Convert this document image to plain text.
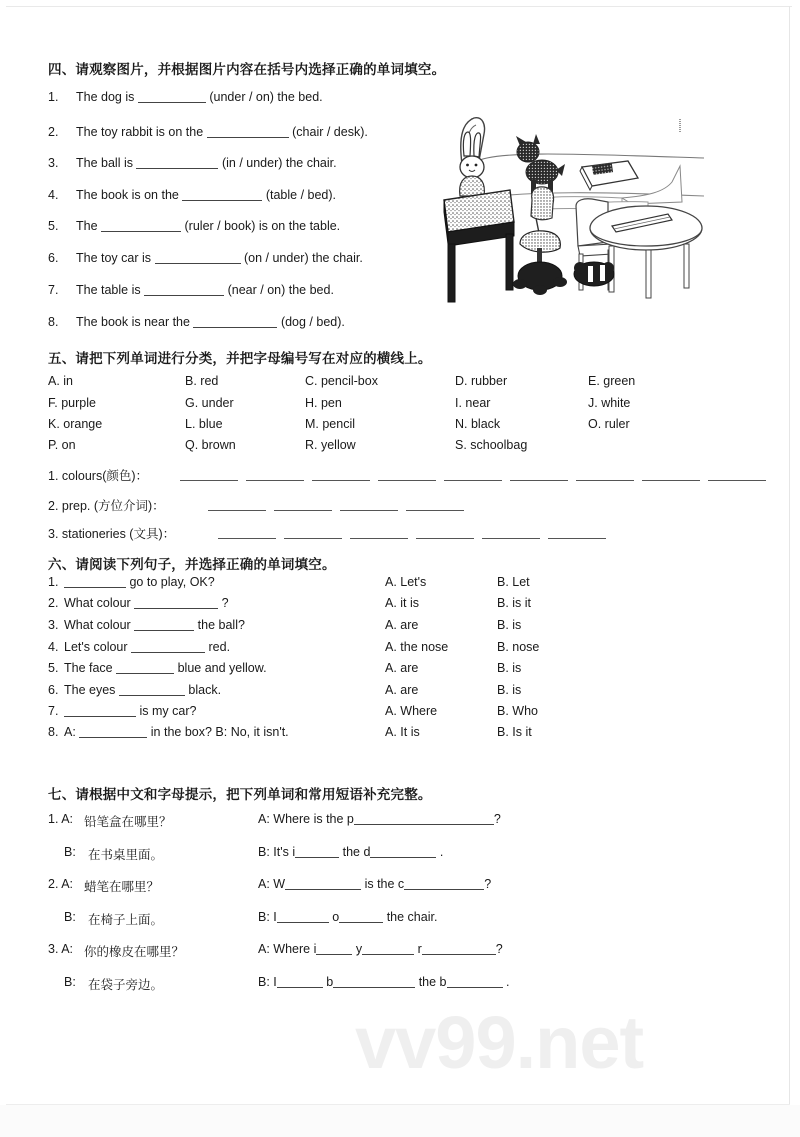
四、请观察图片，并根据图片内容在括号内选择正确的单词填空。
1. The dog is	(under / on) the bed.
2. The toy rabbit is on the	(chair / desk).
3. The ball is	(in / under) the chair.
4. The book is on the	(table / bed).
5. The	(ruler / book) is on the table.
6. The toy car is	(on / under) the chair.
7. The table is	(near / on) the bed.
8. The book is near the	(dog / bed).
五、请把下列单词进行分类，并把字母编号写在对应的横线上。
A. in	B. red	C. pencil-box	D. rubber	E. green
F. purple	G. under	H. pen	I. near	J. white
K. orange	L. blue	M. pencil	N. black	O. ruler
P. on	Q. brown	R. yellow	S. schoolbag
1. colours(颜色)：
2. prep. (方位介词)：
3. stationeries (文具)：
六、请阅读下列句子，并选择正确的单词填空。
1.	go to play, OK?	A. Let's	B. Let
2. What colour	?	A. it is	B. is it
3. What colour	the ball?	A. are	B. is
4. Let's colour	red.	A. the nose	B. nose
5. The face	blue and yellow.	A. are	B. is
6. The eyes	black.	A. are	B. is
7.	is my car?	A. Where	B. Who
8. A:	in the box? B: No, it isn't.	A. It is	B. Is it
七、请根据中文和字母提示，把下列单词和常用短语补充完整。
1. A: 铅笔盒在哪里？	A: Where is the p	?
B: 在书桌里面。	B: It's i	the d	.
2. A: 蜡笔在哪里？	A: W	is the c	?
B: 在椅子上面。	B: I	o	the chair.
3. A: 你的橡皮在哪里？	A: Where i	y	r	?
B: 在袋子旁边。	B: I	b	the b	.
vv99.net
